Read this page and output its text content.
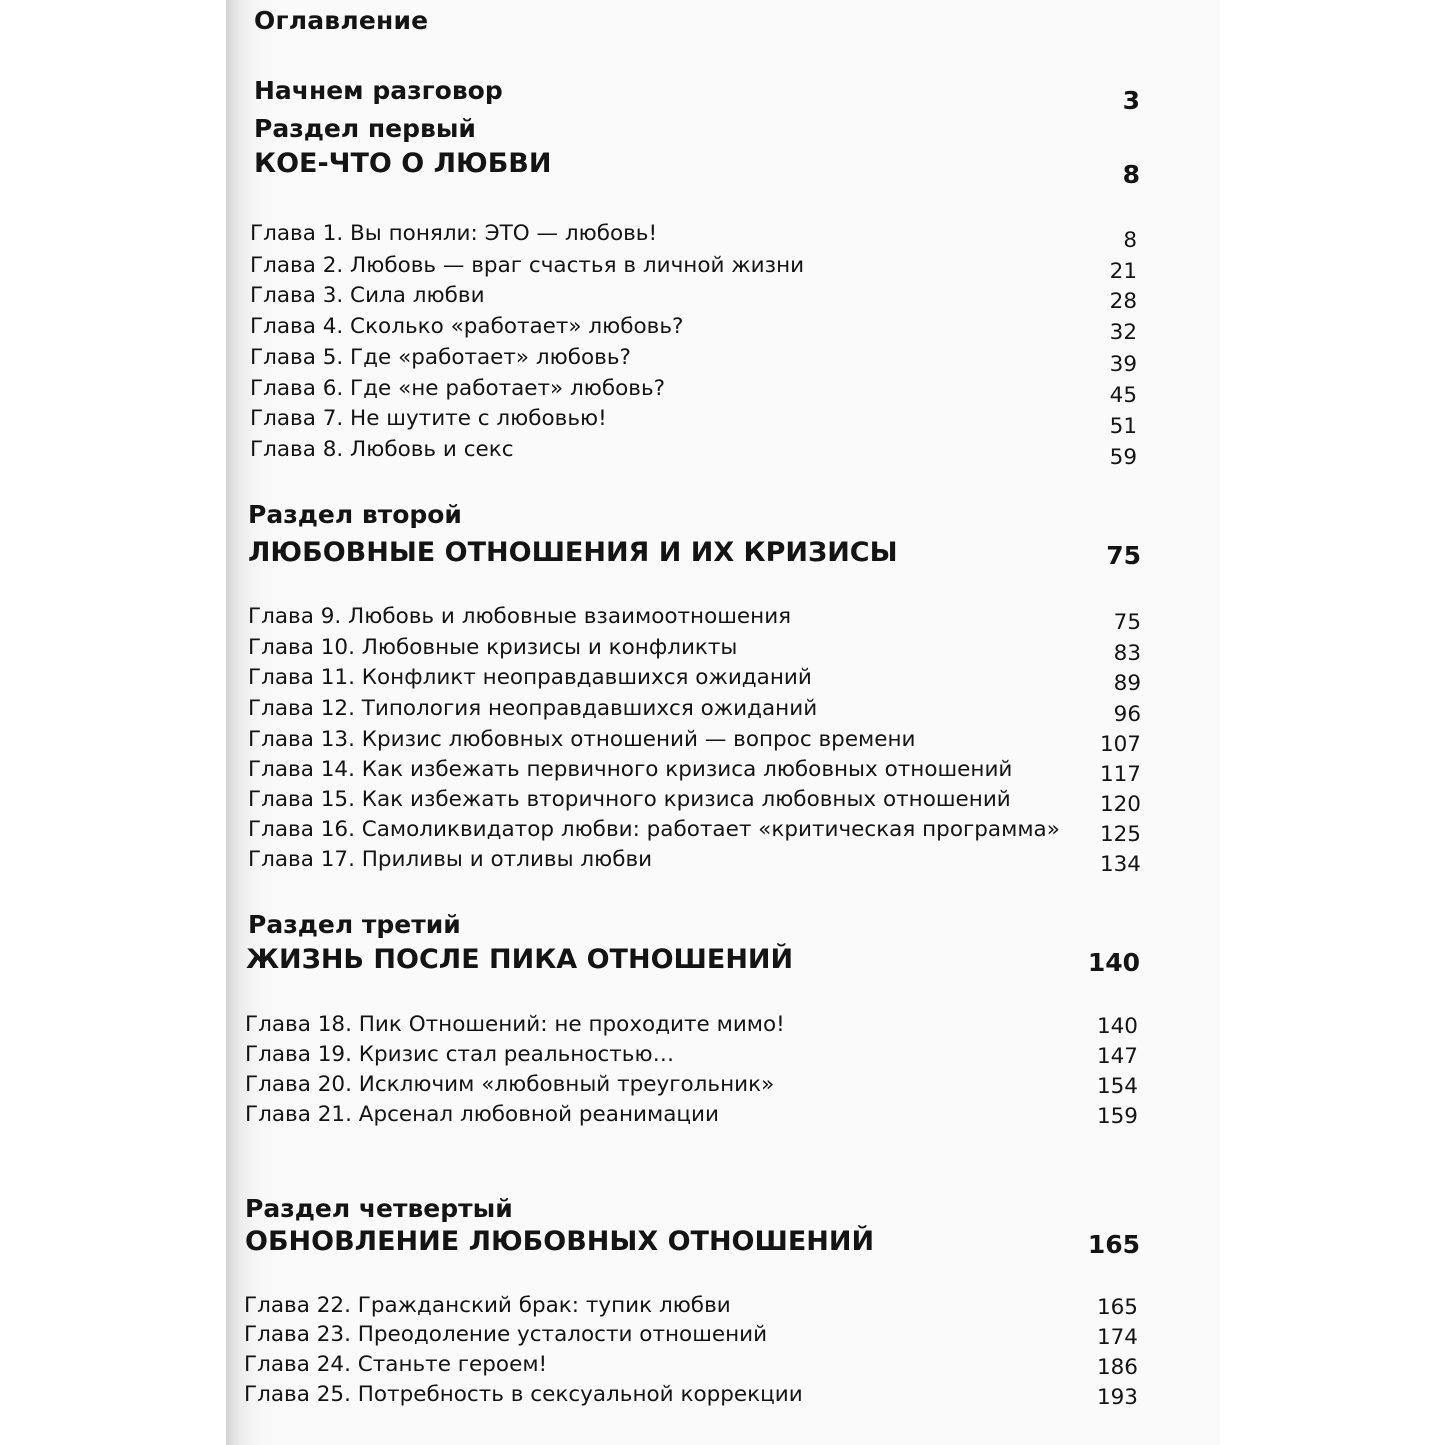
Оглавление
Начнем разговор	3
Раздел первый
КОЕ-ЧТО О ЛЮБВИ	8
Глава 1. Вы поняли: ЭТО — любовь!	8
Глава 2. Любовь — враг счастья в личной жизни	21
Глава 3. Сила любви	28
Глава 4. Сколько «работает» любовь?	32
Глава 5. Где «работает» любовь?	39
Глава 6. Где «не работает» любовь?	45
Глава 7. Не шутите с любовью!	51
Глава 8. Любовь и секс	59
Раздел второй
ЛЮБОВНЫЕ ОТНОШЕНИЯ И ИХ КРИЗИСЫ	75
Глава 9. Любовь и любовные взаимоотношения	75
Глава 10. Любовные кризисы и конфликты	83
Глава 11. Конфликт неоправдавшихся ожиданий	89
Глава 12. Типология неоправдавшихся ожиданий	96
Глава 13. Кризис любовных отношений — вопрос времени	107
Глава 14. Как избежать первичного кризиса любовных отношений	117
Глава 15. Как избежать вторичного кризиса любовных отношений	120
Глава 16. Самоликвидатор любви: работает «критическая программа» 125
Глава 17. Приливы и отливы любви	134
Раздел третий
ЖИЗНЬ ПОСЛЕ ПИКА ОТНОШЕНИЙ	140
Глава 18. Пик Отношений: не проходите мимо!	140
Глава 19. Кризис стал реальностью…	147
Глава 20. Исключим «любовный треугольник»	154
Глава 21. Арсенал любовной реанимации	159
Раздел четвертый
ОБНОВЛЕНИЕ ЛЮБОВНЫХ ОТНОШЕНИЙ	165
Глава 22. Гражданский брак: тупик любви	165
Глава 23. Преодоление усталости отношений	174
Глава 24. Станьте героем!	186
Глава 25. Потребность в сексуальной коррекции	193
